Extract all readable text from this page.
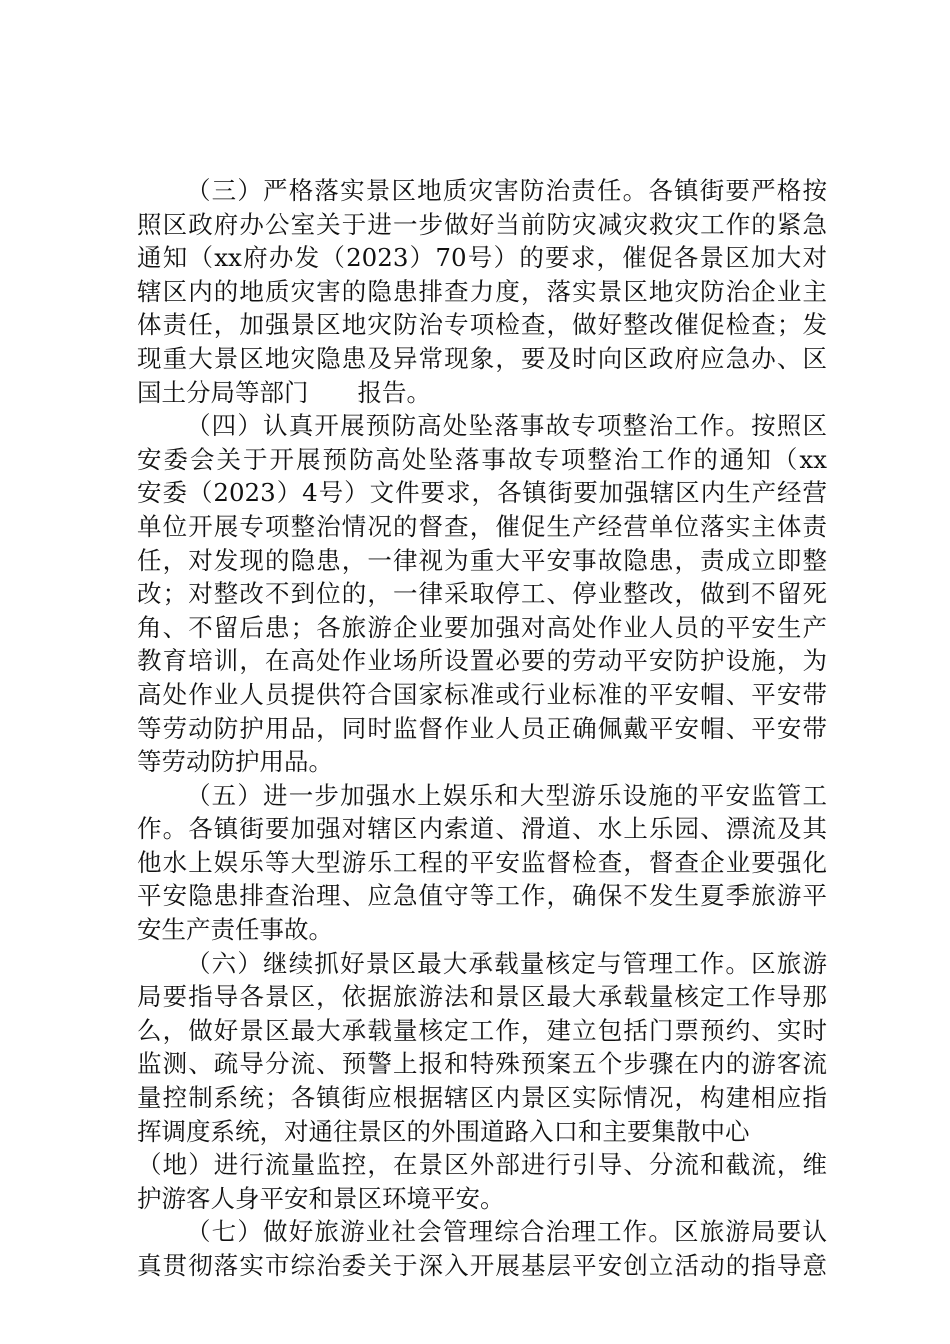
（三）严格落实景区地质灾害防治责任。各镇街要严格按
照区政府办公室关于进一步做好当前防灾减灾救灾工作的紧急
通知（xx府办发（2023）70号）的要求，催促各景区加大对
辖区内的地质灾害的隐患排查力度，落实景区地灾防治企业主
体责任，加强景区地灾防治专项检查，做好整改催促检查；发
现重大景区地灾隐患及异常现象，要及时向区政府应急办、区
国土分局等部门　　报告。
（四）认真开展预防高处坠落事故专项整治工作。按照区
安委会关于开展预防高处坠落事故专项整治工作的通知（xx
安委（2023）4号）文件要求，各镇街要加强辖区内生产经营
单位开展专项整治情况的督查，催促生产经营单位落实主体责
任，对发现的隐患，一律视为重大平安事故隐患，责成立即整
改；对整改不到位的，一律采取停工、停业整改，做到不留死
角、不留后患；各旅游企业要加强对高处作业人员的平安生产
教育培训，在高处作业场所设置必要的劳动平安防护设施，为
高处作业人员提供符合国家标准或行业标准的平安帽、平安带
等劳动防护用品，同时监督作业人员正确佩戴平安帽、平安带
等劳动防护用品。
（五）进一步加强水上娱乐和大型游乐设施的平安监管工
作。各镇街要加强对辖区内索道、滑道、水上乐园、漂流及其
他水上娱乐等大型游乐工程的平安监督检查，督查企业要强化
平安隐患排查治理、应急值守等工作，确保不发生夏季旅游平
安生产责任事故。
（六）继续抓好景区最大承载量核定与管理工作。区旅游
局要指导各景区，依据旅游法和景区最大承载量核定工作导那
么，做好景区最大承载量核定工作，建立包括门票预约、实时
监测、疏导分流、预警上报和特殊预案五个步骤在内的游客流
量控制系统；各镇街应根据辖区内景区实际情况，构建相应指
挥调度系统，对通往景区的外围道路入口和主要集散中心
（地）进行流量监控，在景区外部进行引导、分流和截流，维
护游客人身平安和景区环境平安。
（七）做好旅游业社会管理综合治理工作。区旅游局要认
真贯彻落实市综治委关于深入开展基层平安创立活动的指导意
